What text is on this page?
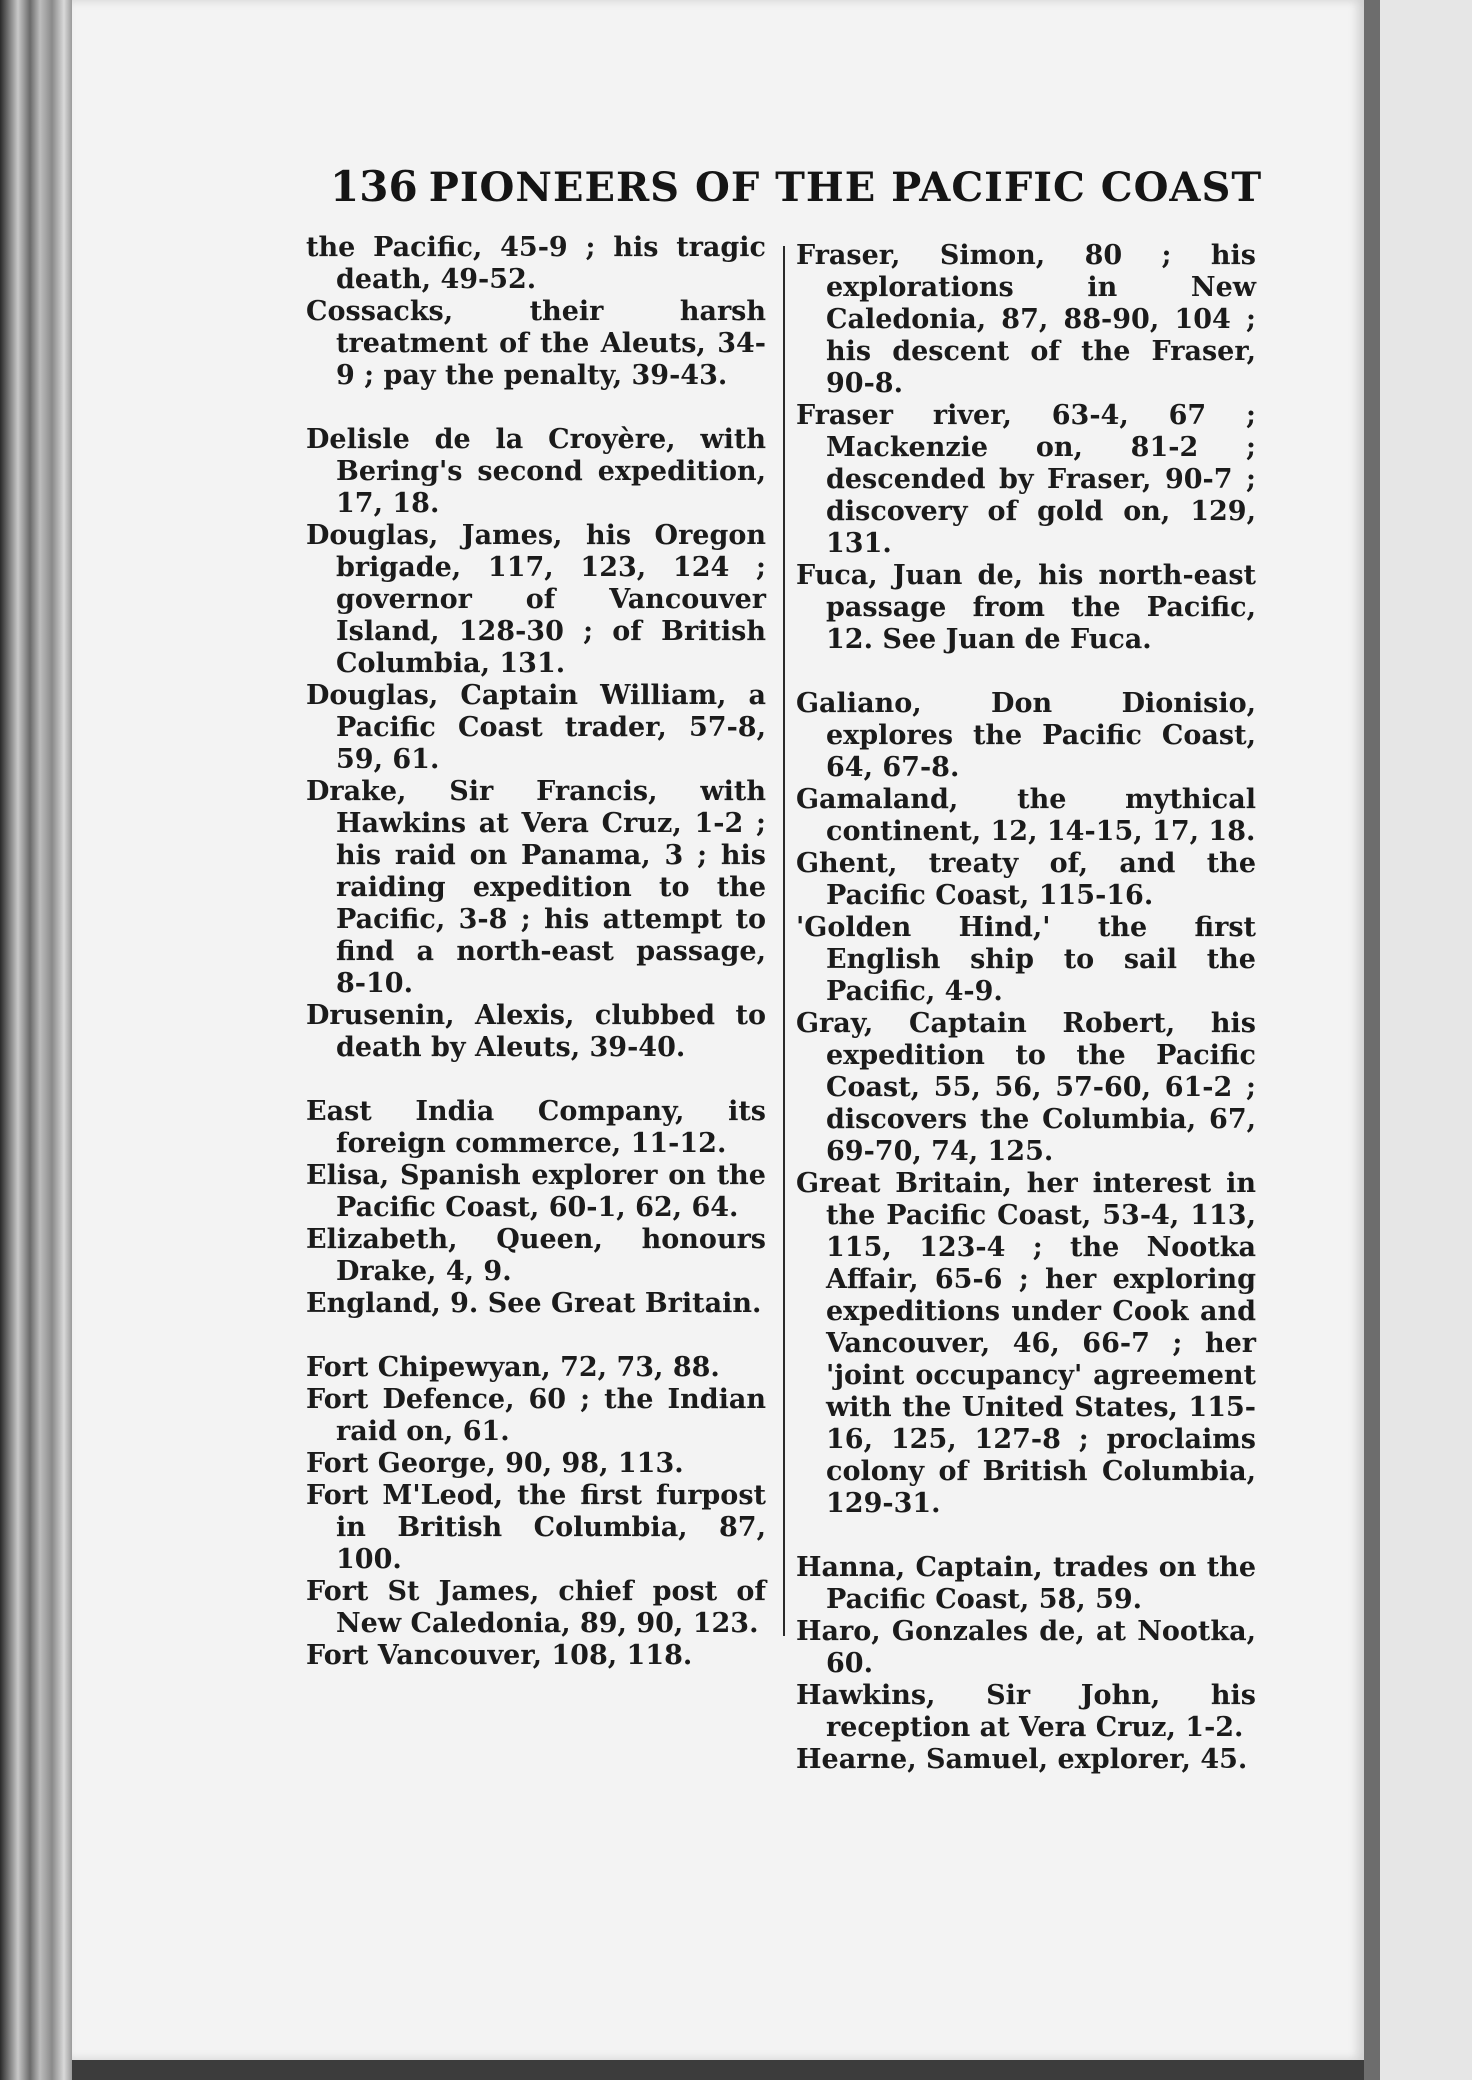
136 PIONEERS OF THE PACIFIC COAST
the Pacific, 45-9 ; his tragic death, 49-52.
Cossacks, their harsh treatment of the Aleuts, 34-9 ; pay the penalty, 39-43.
Delisle de la Croyère, with Bering's second expedition, 17, 18.
Douglas, James, his Oregon brigade, 117, 123, 124 ; governor of Vancouver Island, 128-30 ; of British Columbia, 131.
Douglas, Captain William, a Pacific Coast trader, 57-8, 59, 61.
Drake, Sir Francis, with Hawkins at Vera Cruz, 1-2 ; his raid on Panama, 3 ; his raiding expedition to the Pacific, 3-8 ; his attempt to find a north-east passage, 8-10.
Drusenin, Alexis, clubbed to death by Aleuts, 39-40.
East India Company, its foreign commerce, 11-12.
Elisa, Spanish explorer on the Pacific Coast, 60-1, 62, 64.
Elizabeth, Queen, honours Drake, 4, 9.
England, 9. See Great Britain.
Fort Chipewyan, 72, 73, 88.
Fort Defence, 60 ; the Indian raid on, 61.
Fort George, 90, 98, 113.
Fort M'Leod, the first furpost in British Columbia, 87, 100.
Fort St James, chief post of New Caledonia, 89, 90, 123.
Fort Vancouver, 108, 118.
Fraser, Simon, 80 ; his explorations in New Caledonia, 87, 88-90, 104 ; his descent of the Fraser, 90-8.
Fraser river, 63-4, 67 ; Mackenzie on, 81-2 ; descended by Fraser, 90-7 ; discovery of gold on, 129, 131.
Fuca, Juan de, his north-east passage from the Pacific, 12. See Juan de Fuca.
Galiano, Don Dionisio, explores the Pacific Coast, 64, 67-8.
Gamaland, the mythical continent, 12, 14-15, 17, 18.
Ghent, treaty of, and the Pacific Coast, 115-16.
'Golden Hind,' the first English ship to sail the Pacific, 4-9.
Gray, Captain Robert, his expedition to the Pacific Coast, 55, 56, 57-60, 61-2 ; discovers the Columbia, 67, 69-70, 74, 125.
Great Britain, her interest in the Pacific Coast, 53-4, 113, 115, 123-4 ; the Nootka Affair, 65-6 ; her exploring expeditions under Cook and Vancouver, 46, 66-7 ; her 'joint occupancy' agreement with the United States, 115-16, 125, 127-8 ; proclaims colony of British Columbia, 129-31.
Hanna, Captain, trades on the Pacific Coast, 58, 59.
Haro, Gonzales de, at Nootka, 60.
Hawkins, Sir John, his reception at Vera Cruz, 1-2.
Hearne, Samuel, explorer, 45.
